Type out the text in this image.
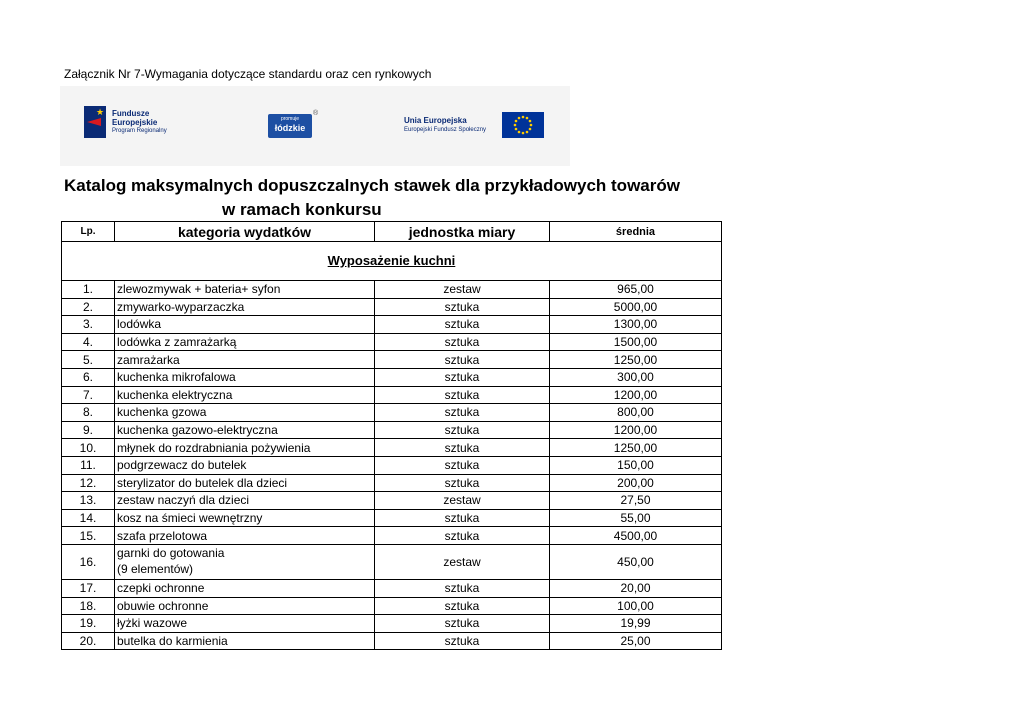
Załącznik Nr 7-Wymagania dotyczące standardu oraz cen rynkowych
★ Fundusze
Europejskie
Program Regionalny
promuje
łódzkie
®
Unia Europejska
Europejski Fundusz Społeczny
Katalog maksymalnych dopuszczalnych stawek dla przykładowych towarów
w ramach konkursu
Lp.	kategoria wydatków	jednostka miary	średnia
Wyposażenie kuchni			
1.	zlewozmywak + bateria+ syfon	zestaw	965,00
2.	zmywarko-wyparzaczka	sztuka	5000,00
3.	lodówka	sztuka	1300,00
4.	lodówka z zamrażarką	sztuka	1500,00
5.	zamrażarka	sztuka	1250,00
6.	kuchenka mikrofalowa	sztuka	300,00
7.	kuchenka elektryczna	sztuka	1200,00
8.	kuchenka gzowa	sztuka	800,00
9.	kuchenka gazowo-elektryczna	sztuka	1200,00
10.	młynek do rozdrabniania pożywienia	sztuka	1250,00
11.	podgrzewacz do butelek	sztuka	150,00
12.	sterylizator do butelek dla dzieci	sztuka	200,00
13.	zestaw naczyń dla dzieci	zestaw	27,50
14.	kosz na śmieci wewnętrzny	sztuka	55,00
15.	szafa przelotowa	sztuka	4500,00
16.	garnki do gotowania
(9 elementów)	zestaw	450,00
17.	czepki ochronne	sztuka	20,00
18.	obuwie ochronne	sztuka	100,00
19.	łyżki wazowe	sztuka	19,99
20.	butelka do karmienia	sztuka	25,00
